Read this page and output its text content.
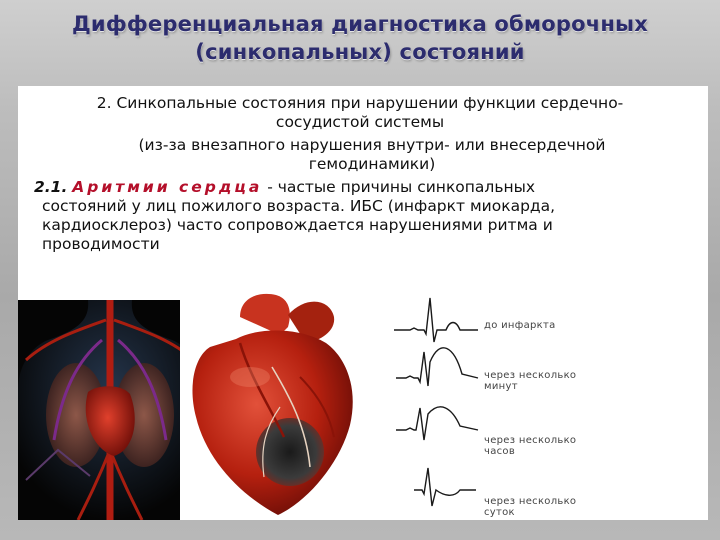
Дифференциальная диагностика обморочных
(синкопальных) состояний

2. Синкопальные состояния при нарушении функции сердечно-
сосудистой системы

(из-за внезапного нарушения внутри- или внесердечной
гемодинамики)

2.1. Аритмии сердца - частые причины синкопальных
состояний у лиц пожилого возраста. ИБС (инфаркт миокарда,
кардиосклероз) часто сопровождается нарушениями ритма и
проводимости

до инфаркта
через несколько
минут
через несколько
часов
через несколько
суток
